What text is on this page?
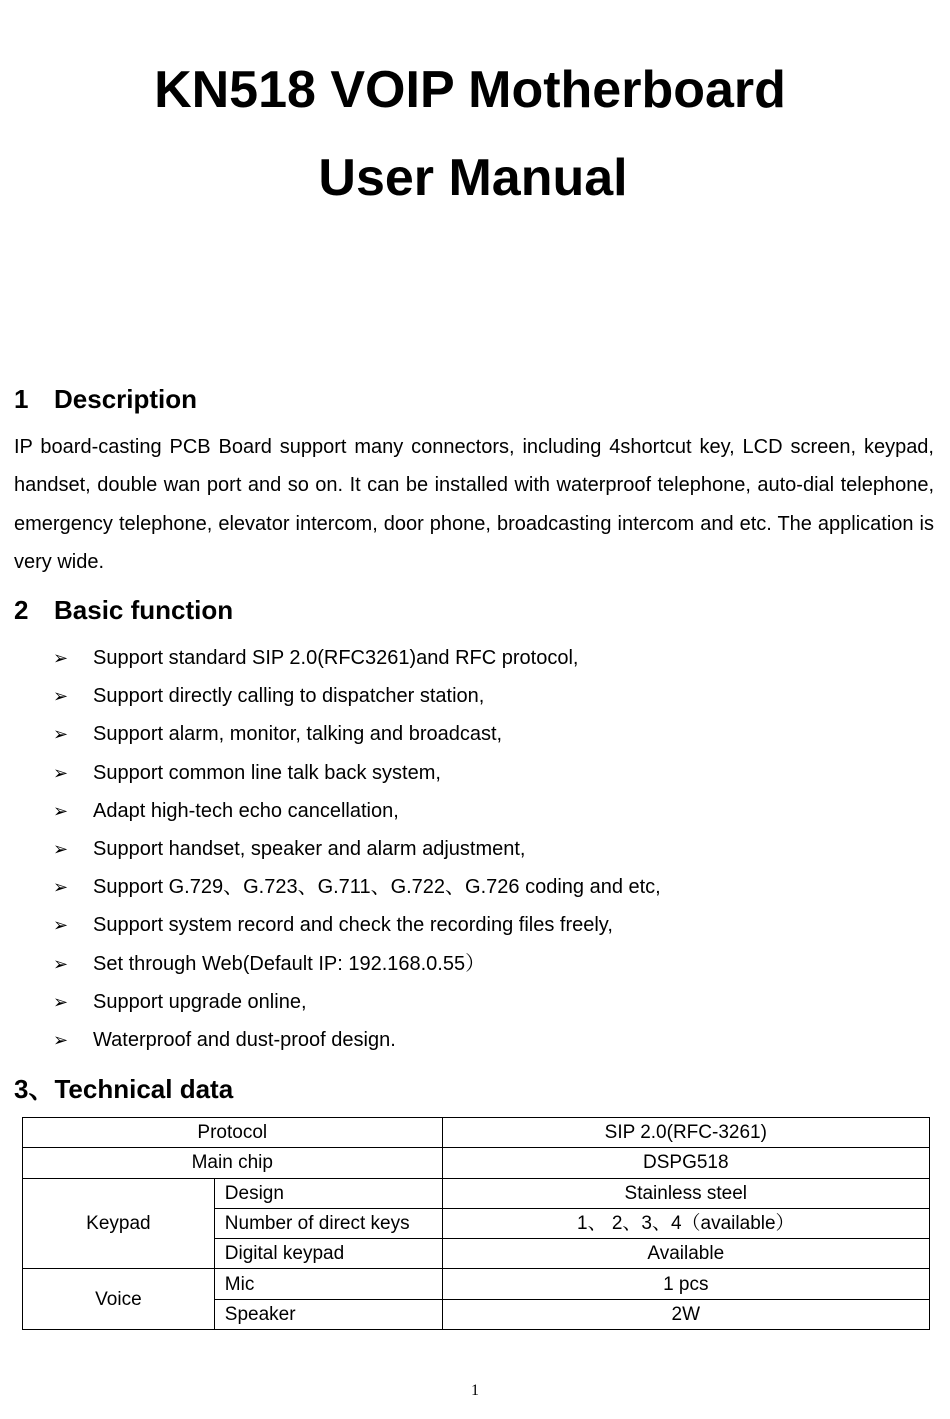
KN518 VOIP Motherboard
User Manual
1 Description

IP board-casting PCB Board support many connectors, including 4shortcut key, LCD screen, keypad, handset, double wan port and so on. It can be installed with waterproof telephone, auto-dial telephone, emergency telephone, elevator intercom, door phone, broadcasting intercom and etc. The application is very wide.

2 Basic function
➢ Support standard SIP 2.0(RFC3261)and RFC protocol,
➢ Support directly calling to dispatcher station,
➢ Support alarm, monitor, talking and broadcast,
➢ Support common line talk back system,
➢ Adapt high-tech echo cancellation,
➢ Support handset, speaker and alarm adjustment,
➢ Support G.729、G.723、G.711、G.722、G.726 coding and etc,
➢ Support system record and check the recording files freely,
➢ Set through Web(Default IP: 192.168.0.55）
➢ Support upgrade online,
➢ Waterproof and dust-proof design.
3、Technical data
Protocol		SIP 2.0(RFC-3261)
Main chip		DSPG518
Keypad	Design	Stainless steel
	Number of direct keys	1、 2、3、4（available）
	Digital keypad	Available
Voice	Mic	1 pcs
	Speaker	2W
1
